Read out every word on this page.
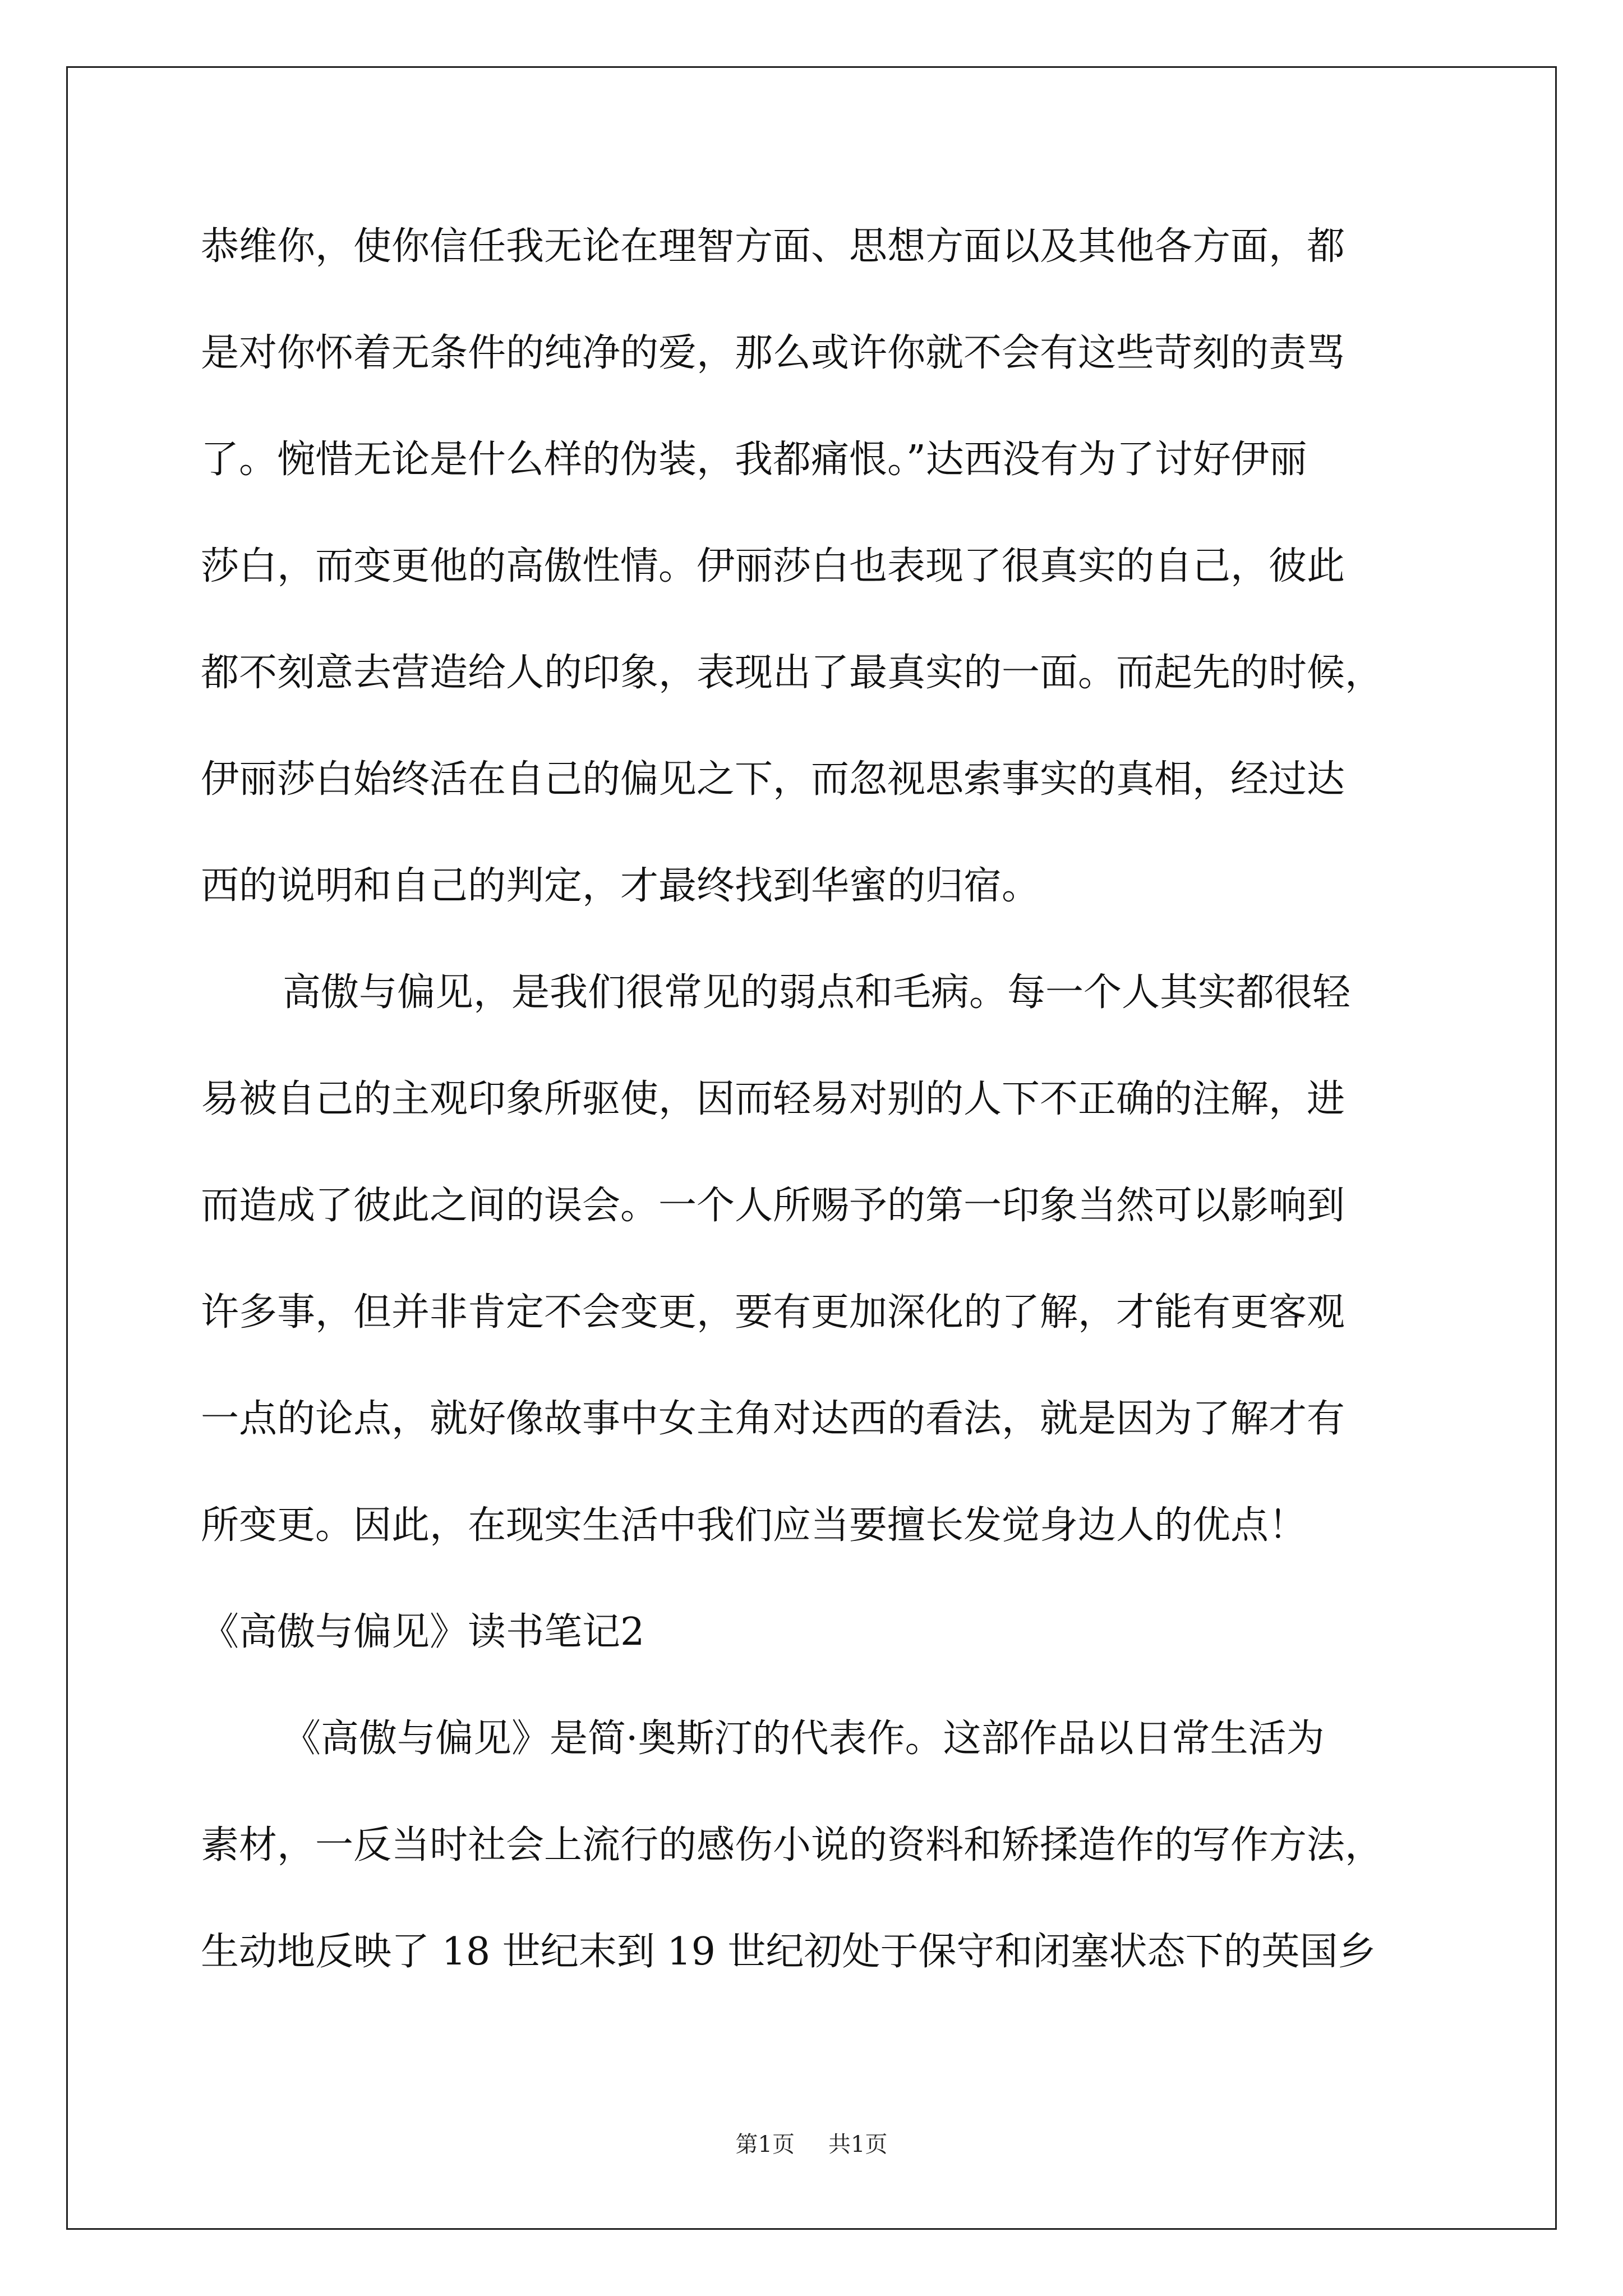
恭维你，使你信任我无论在理智方面、思想方面以及其他各方面，都
是对你怀着无条件的纯净的爱，那么或许你就不会有这些苛刻的责骂
了。惋惜无论是什么样的伪装，我都痛恨。”达西没有为了讨好伊丽
莎白，而变更他的高傲性情。伊丽莎白也表现了很真实的自己，彼此
都不刻意去营造给人的印象，表现出了最真实的一面。而起先的时候，
伊丽莎白始终活在自己的偏见之下，而忽视思索事实的真相，经过达
西的说明和自己的判定，才最终找到华蜜的归宿。
高傲与偏见，是我们很常见的弱点和毛病。每一个人其实都很轻
易被自己的主观印象所驱使，因而轻易对别的人下不正确的注解，进
而造成了彼此之间的误会。一个人所赐予的第一印象当然可以影响到
许多事，但并非肯定不会变更，要有更加深化的了解，才能有更客观
一点的论点，就好像故事中女主角对达西的看法，就是因为了解才有
所变更。因此，在现实生活中我们应当要擅长发觉身边人的优点！
《高傲与偏见》读书笔记2
《高傲与偏见》是简·奥斯汀的代表作。这部作品以日常生活为
素材，一反当时社会上流行的感伤小说的资料和矫揉造作的写作方法，
生动地反映了 18 世纪末到 19 世纪初处于保守和闭塞状态下的英国乡
第1页 共1页
